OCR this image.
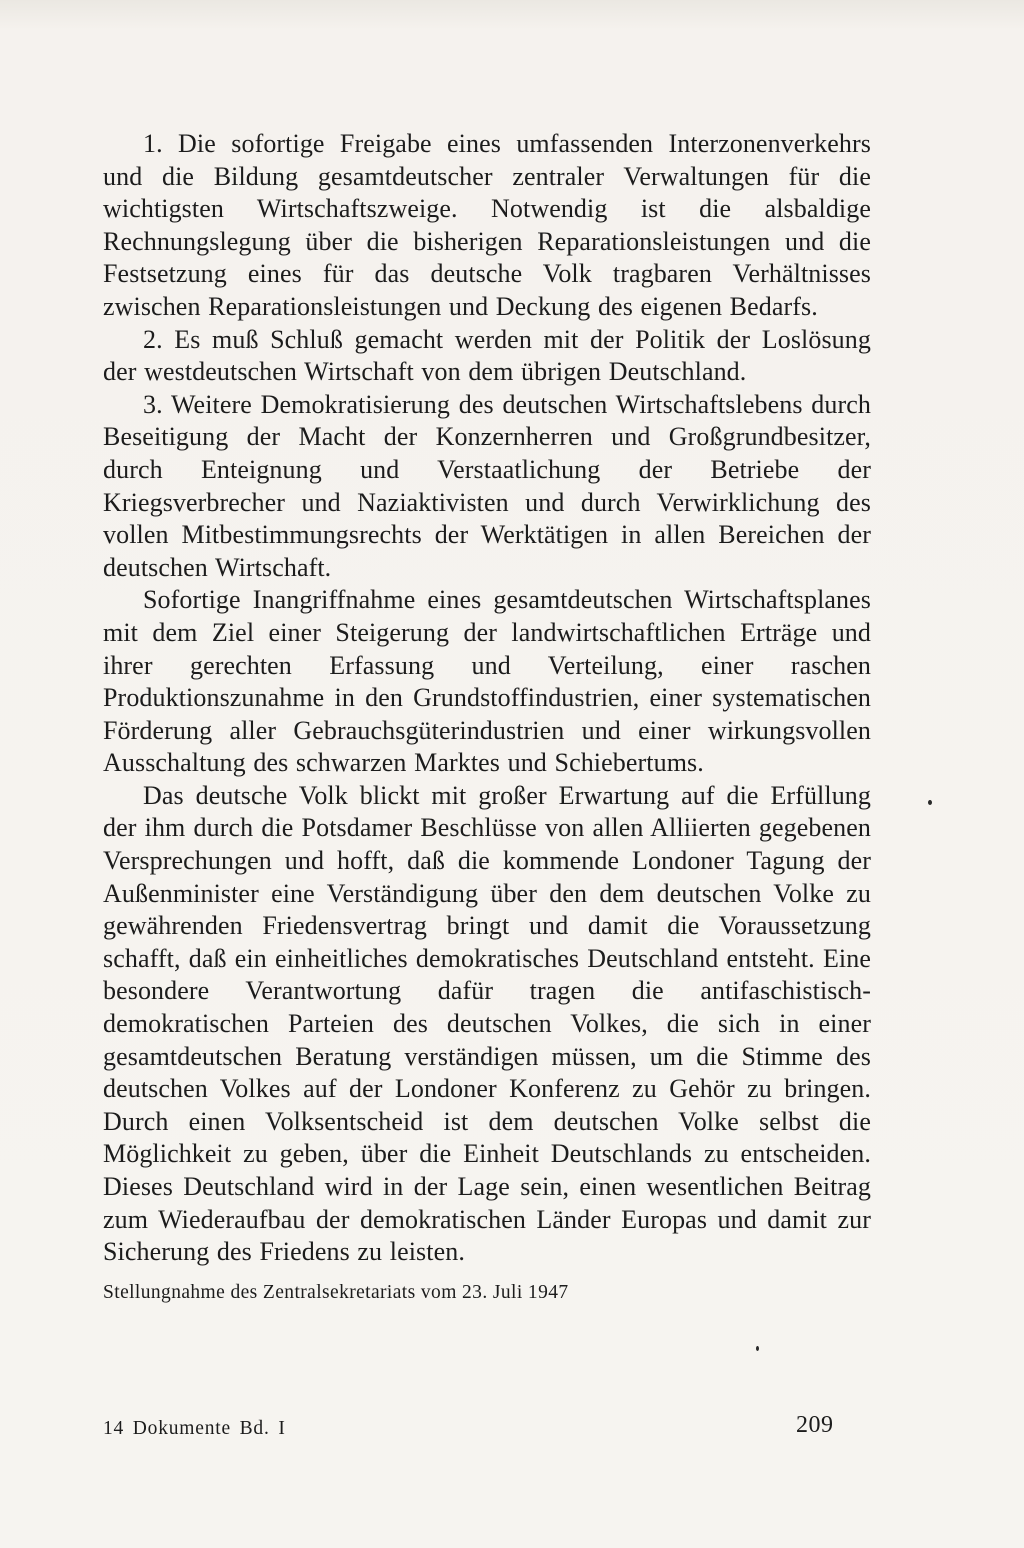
1. Die sofortige Freigabe eines umfassenden Interzonenverkehrs und die Bildung gesamtdeutscher zentraler Verwaltungen für die wichtigsten Wirtschaftszweige. Notwendig ist die alsbaldige Rechnungslegung über die bisherigen Reparationsleistungen und die Festsetzung eines für das deutsche Volk tragbaren Verhältnisses zwischen Reparationsleistungen und Deckung des eigenen Bedarfs.

2. Es muß Schluß gemacht werden mit der Politik der Loslösung der westdeutschen Wirtschaft von dem übrigen Deutschland.

3. Weitere Demokratisierung des deutschen Wirtschaftslebens durch Beseitigung der Macht der Konzernherren und Großgrundbesitzer, durch Enteignung und Verstaatlichung der Betriebe der Kriegsverbrecher und Naziaktivisten und durch Verwirklichung des vollen Mitbestimmungsrechts der Werktätigen in allen Bereichen der deutschen Wirtschaft.

Sofortige Inangriffnahme eines gesamtdeutschen Wirtschaftsplanes mit dem Ziel einer Steigerung der landwirtschaftlichen Erträge und ihrer gerechten Erfassung und Verteilung, einer raschen Produktionszunahme in den Grundstoffindustrien, einer systematischen Förderung aller Gebrauchsgüterindustrien und einer wirkungsvollen Ausschaltung des schwarzen Marktes und Schiebertums.

Das deutsche Volk blickt mit großer Erwartung auf die Erfüllung der ihm durch die Potsdamer Beschlüsse von allen Alliierten gegebenen Versprechungen und hofft, daß die kommende Londoner Tagung der Außenminister eine Verständigung über den dem deutschen Volke zu gewährenden Friedensvertrag bringt und damit die Voraussetzung schafft, daß ein einheitliches demokratisches Deutschland entsteht. Eine besondere Verantwortung dafür tragen die antifaschistisch-demokratischen Parteien des deutschen Volkes, die sich in einer gesamtdeutschen Beratung verständigen müssen, um die Stimme des deutschen Volkes auf der Londoner Konferenz zu Gehör zu bringen. Durch einen Volksentscheid ist dem deutschen Volke selbst die Möglichkeit zu geben, über die Einheit Deutschlands zu entscheiden. Dieses Deutschland wird in der Lage sein, einen wesentlichen Beitrag zum Wiederaufbau der demokratischen Länder Europas und damit zur Sicherung des Friedens zu leisten.

Stellungnahme des Zentralsekretariats vom 23. Juli 1947
14 Dokumente Bd. I	209
